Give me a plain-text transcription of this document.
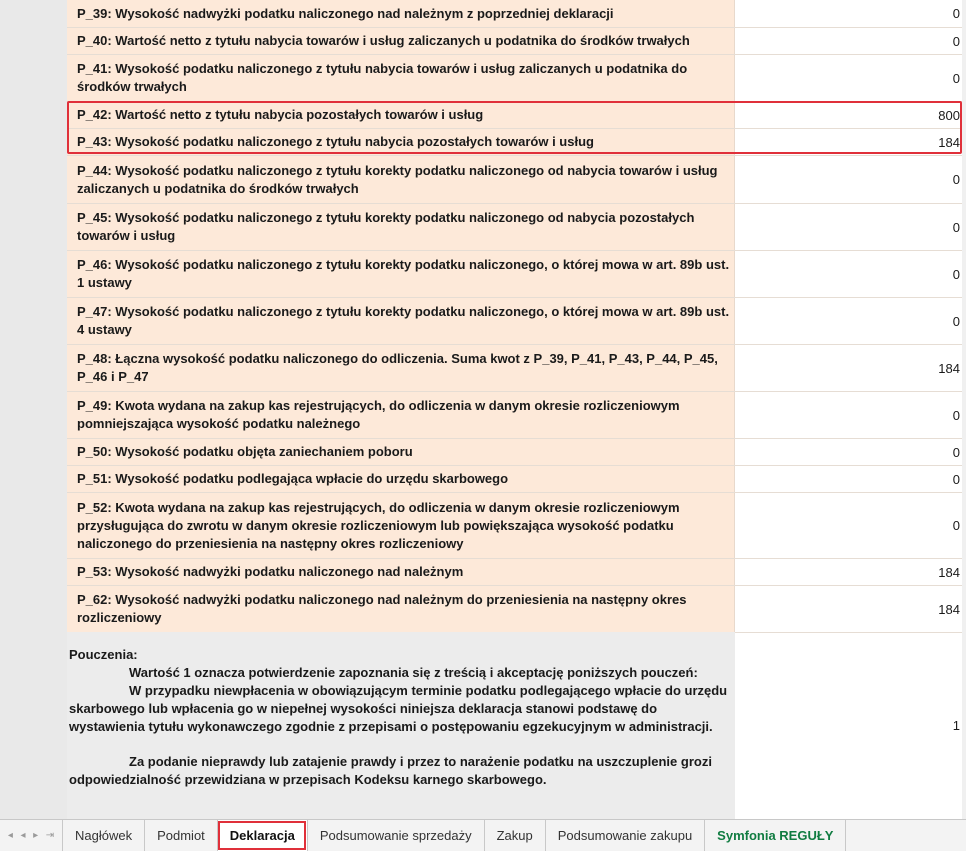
P_39: Wysokość nadwyżki podatku naliczonego nad należnym z poprzedniej deklaracji	0
P_40: Wartość netto z tytułu nabycia towarów i usług zaliczanych u podatnika do środków trwałych	0
P_41: Wysokość podatku naliczonego z tytułu nabycia towarów i usług zaliczanych u podatnika do środków trwałych
0
P_42: Wartość netto z tytułu nabycia pozostałych towarów i usług	800
P_43: Wysokość podatku naliczonego z tytułu nabycia pozostałych towarów i usług	184
P_44: Wysokość podatku naliczonego z tytułu korekty podatku naliczonego od nabycia towarów i usług zaliczanych u podatnika do środków trwałych
0
P_45: Wysokość podatku naliczonego z tytułu korekty podatku naliczonego od nabycia pozostałych towarów i usług
0
P_46: Wysokość podatku naliczonego z tytułu korekty podatku naliczonego, o której mowa w art. 89b ust. 1 ustawy
0
P_47: Wysokość podatku naliczonego z tytułu korekty podatku naliczonego, o której mowa w art. 89b ust. 4 ustawy
0
P_48: Łączna wysokość podatku naliczonego do odliczenia. Suma kwot z P_39, P_41, P_43, P_44, P_45, P_46 i P_47
184
P_49: Kwota wydana na zakup kas rejestrujących, do odliczenia w danym okresie rozliczeniowym pomniejszająca wysokość podatku należnego
0
P_50: Wysokość podatku objęta zaniechaniem poboru	0
P_51: Wysokość podatku podlegająca wpłacie do urzędu skarbowego	0
P_52: Kwota wydana na zakup kas rejestrujących, do odliczenia w danym okresie rozliczeniowym przysługująca do zwrotu w danym okresie rozliczeniowym lub powiększająca wysokość podatku naliczonego do przeniesienia na następny okres rozliczeniowy
0
P_53: Wysokość nadwyżki podatku naliczonego nad należnym	184
P_62: Wysokość nadwyżki podatku naliczonego nad należnym do przeniesienia na następny okres rozliczeniowy
184

Pouczenia:

Wartość 1 oznacza potwierdzenie zapoznania się z treścią i akceptację poniższych pouczeń:

W przypadku niewpłacenia w obowiązującym terminie podatku podlegającego wpłacie do urzędu skarbowego lub wpłacenia go w niepełnej wysokości niniejsza deklaracja stanowi podstawę do wystawienia tytułu wykonawczego zgodnie z przepisami o postępowaniu egzekucyjnym w administracji.

Za podanie nieprawdy lub zatajenie prawdy i przez to narażenie podatku na uszczuplenie grozi odpowiedzialność przewidziana w przepisach Kodeksu karnego skarbowego.

1
◂ ◂ ▸ ⇥	Nagłówek	Podmiot	Deklaracja	Podsumowanie sprzedaży	Zakup	Podsumowanie zakupu	Symfonia REGUŁY
